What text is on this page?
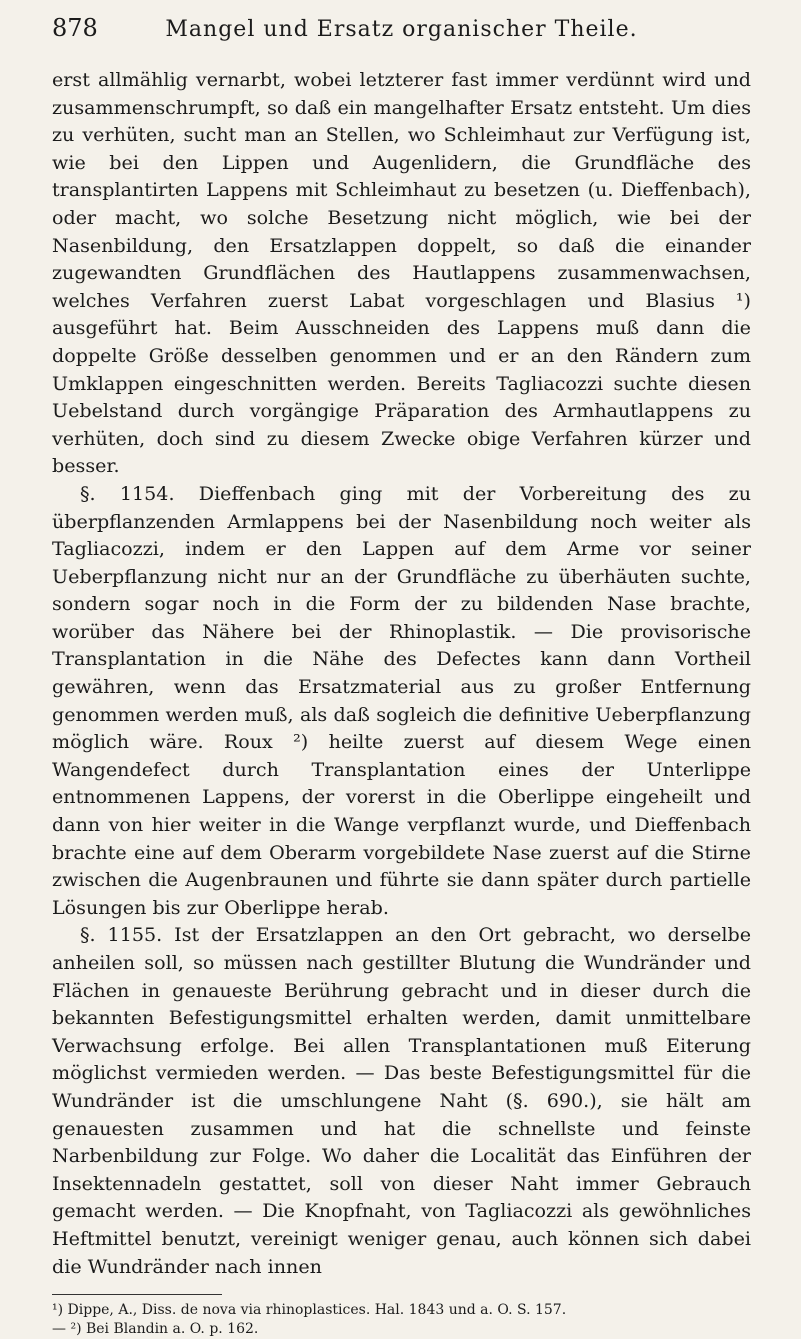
878	Mangel und Ersatz organischer Theile.

erst allmählig vernarbt, wobei letzterer fast immer verdünnt wird und zusammenschrumpft, so daß ein mangelhafter Ersatz entsteht. Um dies zu verhüten, sucht man an Stellen, wo Schleimhaut zur Verfügung ist, wie bei den Lippen und Augenlidern, die Grundfläche des transplantirten Lappens mit Schleimhaut zu besetzen (u. Dieffenbach), oder macht, wo solche Besetzung nicht möglich, wie bei der Nasenbildung, den Ersatzlappen doppelt, so daß die einander zugewandten Grundflächen des Hautlappens zusammenwachsen, welches Verfahren zuerst Labat vorgeschlagen und Blasius ¹) ausgeführt hat. Beim Ausschneiden des Lappens muß dann die doppelte Größe desselben genommen und er an den Rändern zum Umklappen eingeschnitten werden. Bereits Tagliacozzi suchte diesen Uebelstand durch vorgängige Präparation des Armhautlappens zu verhüten, doch sind zu diesem Zwecke obige Verfahren kürzer und besser.

§. 1154. Dieffenbach ging mit der Vorbereitung des zu überpflanzenden Armlappens bei der Nasenbildung noch weiter als Tagliacozzi, indem er den Lappen auf dem Arme vor seiner Ueberpflanzung nicht nur an der Grundfläche zu überhäuten suchte, sondern sogar noch in die Form der zu bildenden Nase brachte, worüber das Nähere bei der Rhinoplastik. — Die provisorische Transplantation in die Nähe des Defectes kann dann Vortheil gewähren, wenn das Ersatzmaterial aus zu großer Entfernung genommen werden muß, als daß sogleich die definitive Ueberpflanzung möglich wäre. Roux ²) heilte zuerst auf diesem Wege einen Wangendefect durch Transplantation eines der Unterlippe entnommenen Lappens, der vorerst in die Oberlippe eingeheilt und dann von hier weiter in die Wange verpflanzt wurde, und Dieffenbach brachte eine auf dem Oberarm vorgebildete Nase zuerst auf die Stirne zwischen die Augenbraunen und führte sie dann später durch partielle Lösungen bis zur Oberlippe herab.

§. 1155. Ist der Ersatzlappen an den Ort gebracht, wo derselbe anheilen soll, so müssen nach gestillter Blutung die Wundränder und Flächen in genaueste Berührung gebracht und in dieser durch die bekannten Befestigungsmittel erhalten werden, damit unmittelbare Verwachsung erfolge. Bei allen Transplantationen muß Eiterung möglichst vermieden werden. — Das beste Befestigungsmittel für die Wundränder ist die umschlungene Naht (§. 690.), sie hält am genauesten zusammen und hat die schnellste und feinste Narbenbildung zur Folge. Wo daher die Localität das Einführen der Insektennadeln gestattet, soll von dieser Naht immer Gebrauch gemacht werden. — Die Knopfnaht, von Tagliacozzi als gewöhnliches Heftmittel benutzt, vereinigt weniger genau, auch können sich dabei die Wundränder nach innen

¹) Dippe, A., Diss. de nova via rhinoplastices. Hal. 1843 und a. O. S. 157.

— ²) Bei Blandin a. O. p. 162.
